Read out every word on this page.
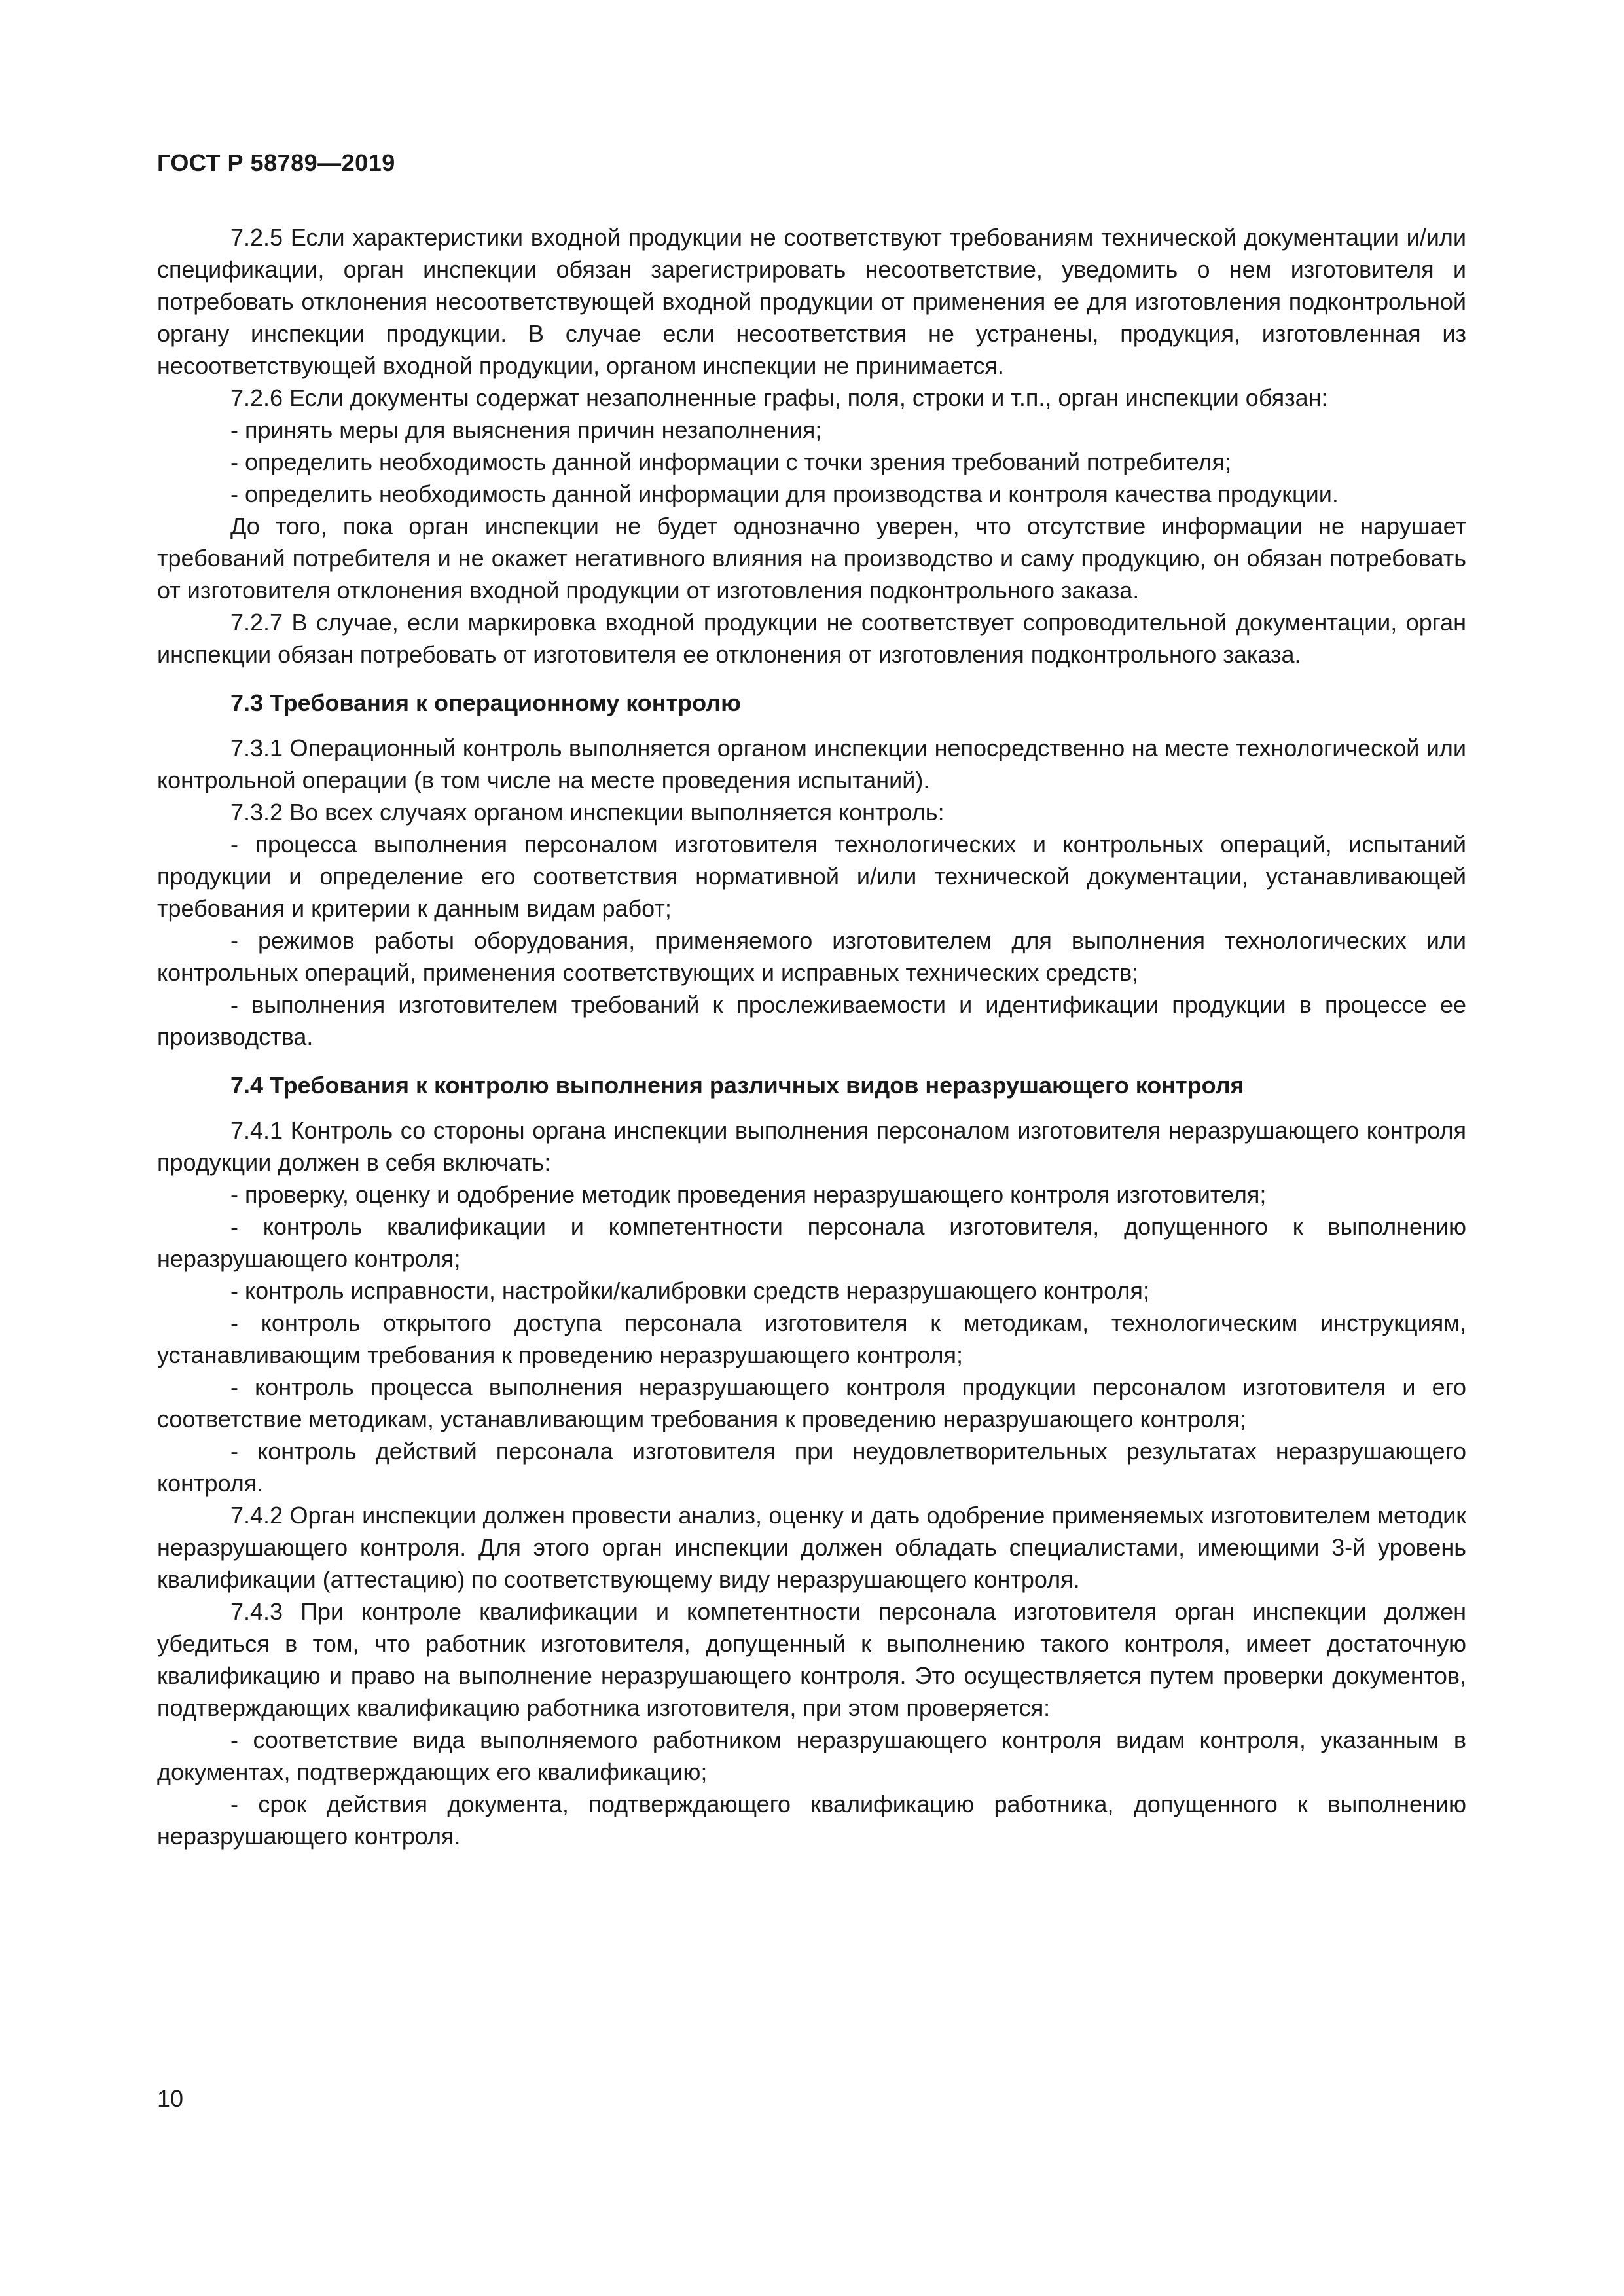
ГОСТ Р 58789—2019

7.2.5 Если характеристики входной продукции не соответствуют требованиям технической документации и/или спецификации, орган инспекции обязан зарегистрировать несоответствие, уведомить о нем изготовителя и потребовать отклонения несоответствующей входной продукции от применения ее для изготовления подконтрольной органу инспекции продукции. В случае если несоответствия не устранены, продукция, изготовленная из несоответствующей входной продукции, органом инспекции не принимается.

7.2.6 Если документы содержат незаполненные графы, поля, строки и т.п., орган инспекции обязан:

- принять меры для выяснения причин незаполнения;

- определить необходимость данной информации с точки зрения требований потребителя;

- определить необходимость данной информации для производства и контроля качества продукции.

До того, пока орган инспекции не будет однозначно уверен, что отсутствие информации не нарушает требований потребителя и не окажет негативного влияния на производство и саму продукцию, он обязан потребовать от изготовителя отклонения входной продукции от изготовления подконтрольного заказа.

7.2.7 В случае, если маркировка входной продукции не соответствует сопроводительной документации, орган инспекции обязан потребовать от изготовителя ее отклонения от изготовления подконтрольного заказа.

7.3 Требования к операционному контролю

7.3.1 Операционный контроль выполняется органом инспекции непосредственно на месте технологической или контрольной операции (в том числе на месте проведения испытаний).

7.3.2 Во всех случаях органом инспекции выполняется контроль:

- процесса выполнения персоналом изготовителя технологических и контрольных операций, испытаний продукции и определение его соответствия нормативной и/или технической документации, устанавливающей требования и критерии к данным видам работ;

- режимов работы оборудования, применяемого изготовителем для выполнения технологических или контрольных операций, применения соответствующих и исправных технических средств;

- выполнения изготовителем требований к прослеживаемости и идентификации продукции в процессе ее производства.

7.4 Требования к контролю выполнения различных видов неразрушающего контроля

7.4.1 Контроль со стороны органа инспекции выполнения персоналом изготовителя неразрушающего контроля продукции должен в себя включать:

- проверку, оценку и одобрение методик проведения неразрушающего контроля изготовителя;

- контроль квалификации и компетентности персонала изготовителя, допущенного к выполнению неразрушающего контроля;

- контроль исправности, настройки/калибровки средств неразрушающего контроля;

- контроль открытого доступа персонала изготовителя к методикам, технологическим инструкциям, устанавливающим требования к проведению неразрушающего контроля;

- контроль процесса выполнения неразрушающего контроля продукции персоналом изготовителя и его соответствие методикам, устанавливающим требования к проведению неразрушающего контроля;

- контроль действий персонала изготовителя при неудовлетворительных результатах неразрушающего контроля.

7.4.2 Орган инспекции должен провести анализ, оценку и дать одобрение применяемых изготовителем методик неразрушающего контроля. Для этого орган инспекции должен обладать специалистами, имеющими 3-й уровень квалификации (аттестацию) по соответствующему виду неразрушающего контроля.

7.4.3 При контроле квалификации и компетентности персонала изготовителя орган инспекции должен убедиться в том, что работник изготовителя, допущенный к выполнению такого контроля, имеет достаточную квалификацию и право на выполнение неразрушающего контроля. Это осуществляется путем проверки документов, подтверждающих квалификацию работника изготовителя, при этом проверяется:

- соответствие вида выполняемого работником неразрушающего контроля видам контроля, указанным в документах, подтверждающих его квалификацию;

- срок действия документа, подтверждающего квалификацию работника, допущенного к выполнению неразрушающего контроля.

10
